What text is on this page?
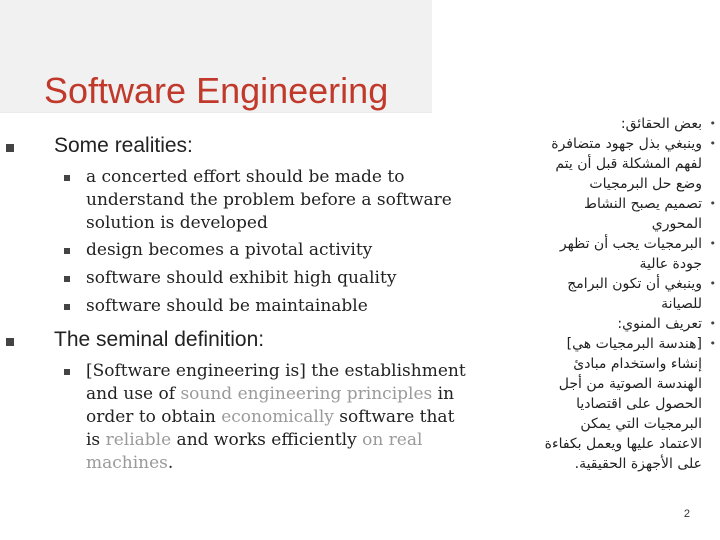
Software Engineering
Some realities:
a concerted effort should be made to understand the problem before a software solution is developed
design becomes a pivotal activity
software should exhibit high quality
software should be maintainable
The seminal definition:
[Software engineering is] the establishment and use of sound engineering principles in order to obtain economically software that is reliable and works efficiently on real machines.
•
بعض الحقائق:
•
وينبغي بذل جهود متضافرة
لفهم المشكلة قبل أن يتم
وضع حل البرمجيات
•
تصميم يصبح النشاط
المحوري
•
البرمجيات يجب أن تظهر
جودة عالية
•
وينبغي أن تكون البرامج
للصيانة
•
تعريف المنوي:
•
[هندسة البرمجيات هي]
إنشاء واستخدام مبادئ
الهندسة الصوتية من أجل
الحصول على اقتصاديا
البرمجيات التي يمكن
الاعتماد عليها ويعمل بكفاءة
على الأجهزة الحقيقية.
2
